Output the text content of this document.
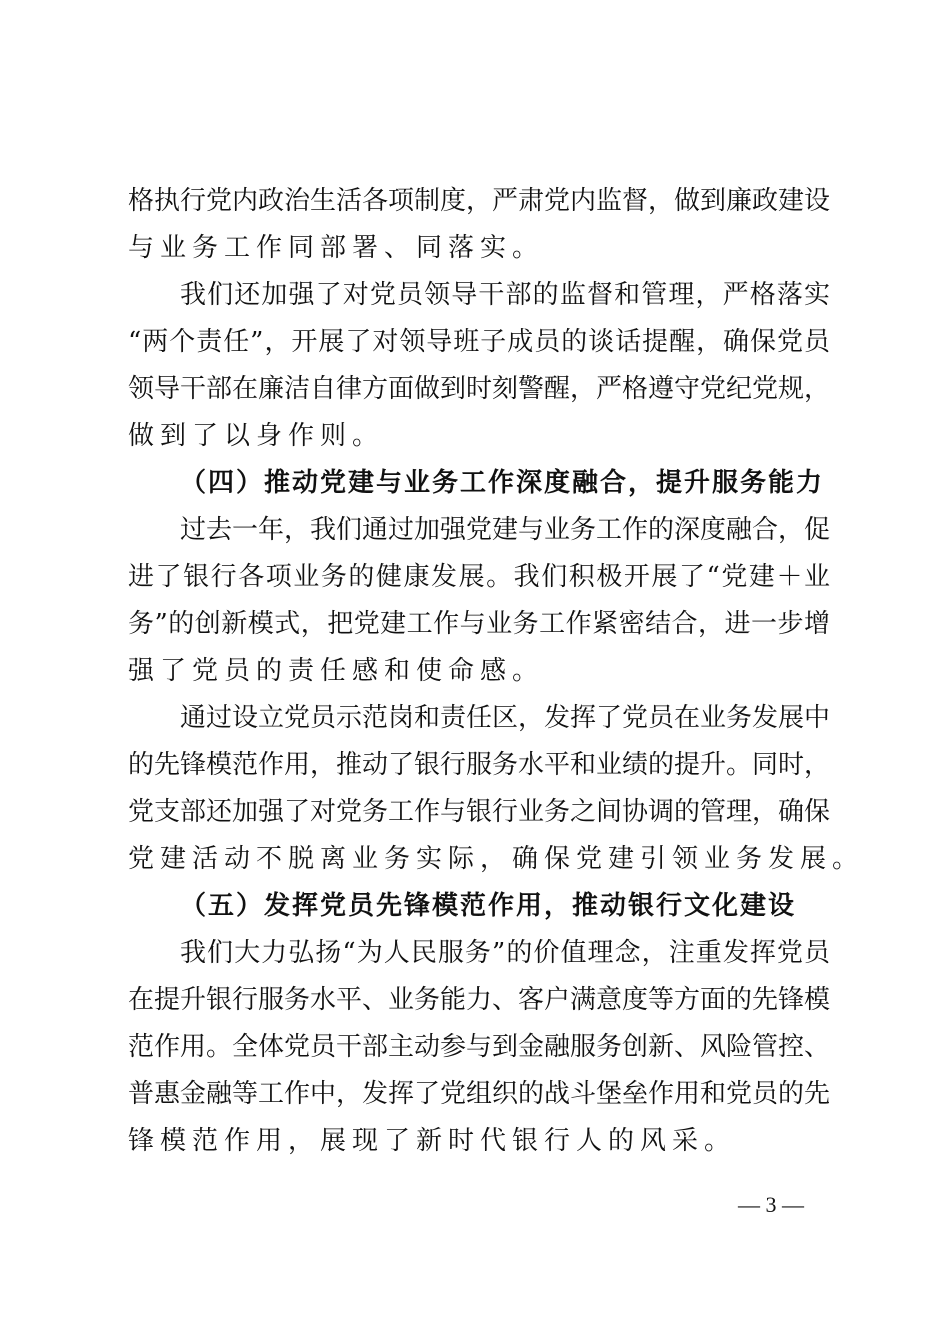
格执行党内政治生活各项制度，严肃党内监督，做到廉政建设
与业务工作同部署、同落实。
我们还加强了对党员领导干部的监督和管理，严格落实
“两个责任”，开展了对领导班子成员的谈话提醒，确保党员
领导干部在廉洁自律方面做到时刻警醒，严格遵守党纪党规，
做到了以身作则。
（四）推动党建与业务工作深度融合，提升服务能力
过去一年，我们通过加强党建与业务工作的深度融合，促
进了银行各项业务的健康发展。我们积极开展了“党建＋业
务”的创新模式，把党建工作与业务工作紧密结合，进一步增
强了党员的责任感和使命感。
通过设立党员示范岗和责任区，发挥了党员在业务发展中
的先锋模范作用，推动了银行服务水平和业绩的提升。同时，
党支部还加强了对党务工作与银行业务之间协调的管理，确保
党建活动不脱离业务实际，确保党建引领业务发展。
（五）发挥党员先锋模范作用，推动银行文化建设
我们大力弘扬“为人民服务”的价值理念，注重发挥党员
在提升银行服务水平、业务能力、客户满意度等方面的先锋模
范作用。全体党员干部主动参与到金融服务创新、风险管控、
普惠金融等工作中，发挥了党组织的战斗堡垒作用和党员的先
锋模范作用，展现了新时代银行人的风采。
— 3 —
